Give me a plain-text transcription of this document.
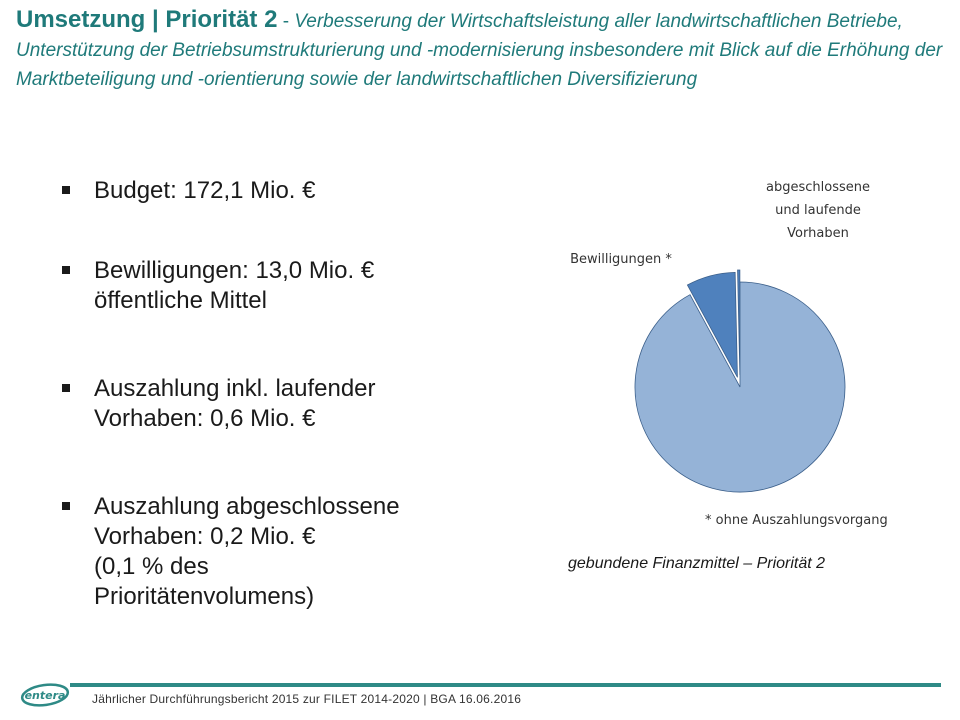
Umsetzung | Priorität 2 - Verbesserung der Wirtschaftsleistung aller landwirtschaftlichen Betriebe, Unterstützung der Betriebsumstrukturierung und -modernisierung insbesondere mit Blick auf die Erhöhung der Marktbeteiligung und -orientierung sowie der landwirtschaftlichen Diversifizierung
Budget: 172,1 Mio. €
Bewilligungen: 13,0 Mio. €
öffentliche Mittel
Auszahlung inkl. laufender
Vorhaben: 0,6 Mio. €
Auszahlung abgeschlossene
Vorhaben: 0,2 Mio. €
(0,1 % des
Prioritätenvolumens)
abgeschlossene und laufende Vorhaben
Bewilligungen *
* ohne Auszahlungsvorgang
gebundene Finanzmittel – Priorität 2
entera Jährlicher Durchführungsbericht 2015 zur FILET 2014-2020 | BGA 16.06.2016
